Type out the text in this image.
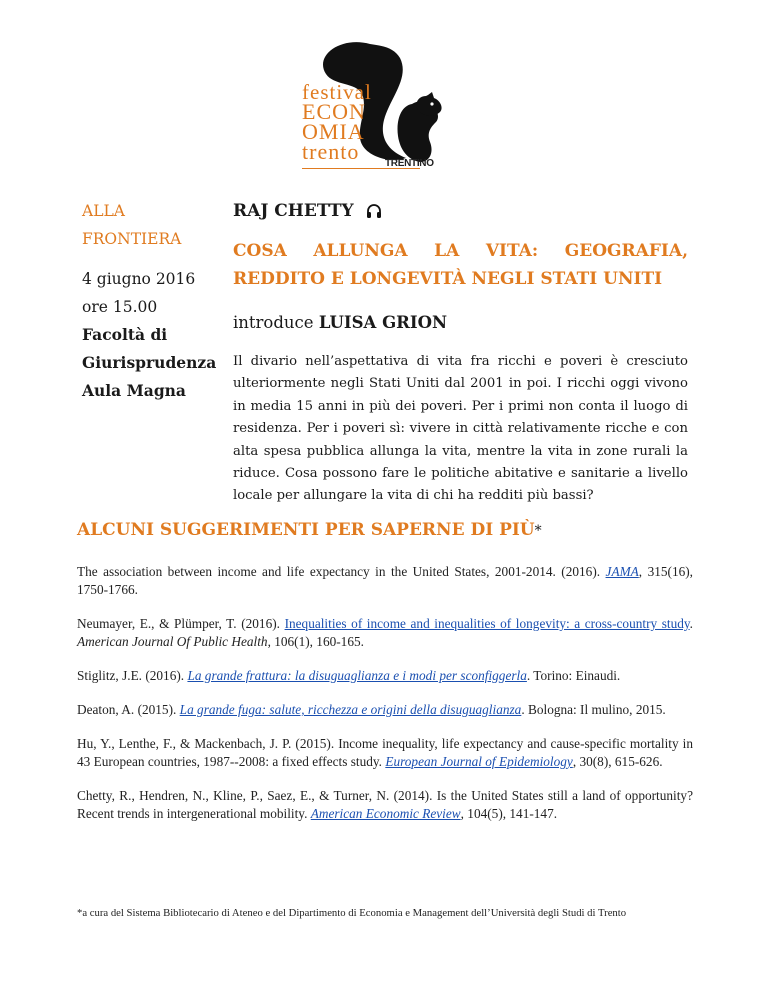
festival
ECON
OMIA
trento	TRENTINO
ALLA FRONTIERA
4 giugno 2016
ore 15.00
Facoltà di
Giurisprudenza
Aula Magna
RAJ CHETTY
COSA ALLUNGA LA VITA: GEOGRAFIA,
REDDITO E LONGEVITÀ NEGLI STATI UNITI
introduce LUISA GRION
Il divario nell’aspettativa di vita fra ricchi e poveri è cresciuto ulteriormente negli Stati Uniti dal 2001 in poi. I ricchi oggi vivono in media 15 anni in più dei poveri. Per i primi non conta il luogo di residenza. Per i poveri sì: vivere in città relativamente ricche e con alta spesa pubblica allunga la vita, mentre la vita in zone rurali la riduce. Cosa possono fare le politiche abitative e sanitarie a livello locale per allungare la vita di chi ha redditi più bassi?
ALCUNI SUGGERIMENTI PER SAPERNE DI PIÙ*
The association between income and life expectancy in the United States, 2001-2014. (2016). JAMA, 315(16), 1750-1766.
Neumayer, E., & Plümper, T. (2016). Inequalities of income and inequalities of longevity: a cross-country study. American Journal Of Public Health, 106(1), 160-165.
Stiglitz, J.E. (2016). La grande frattura: la disuguaglianza e i modi per sconfiggerla. Torino: Einaudi.
Deaton, A. (2015). La grande fuga: salute, ricchezza e origini della disuguaglianza. Bologna: Il mulino, 2015.
Hu, Y., Lenthe, F., & Mackenbach, J. P. (2015). Income inequality, life expectancy and cause-specific mortality in 43 European countries, 1987--2008: a fixed effects study. European Journal of Epidemiology, 30(8), 615-626.
Chetty, R., Hendren, N., Kline, P., Saez, E., & Turner, N. (2014). Is the United States still a land of opportunity? Recent trends in intergenerational mobility. American Economic Review, 104(5), 141-147.
*a cura del Sistema Bibliotecario di Ateneo e del Dipartimento di Economia e Management dell’Università degli Studi di Trento
